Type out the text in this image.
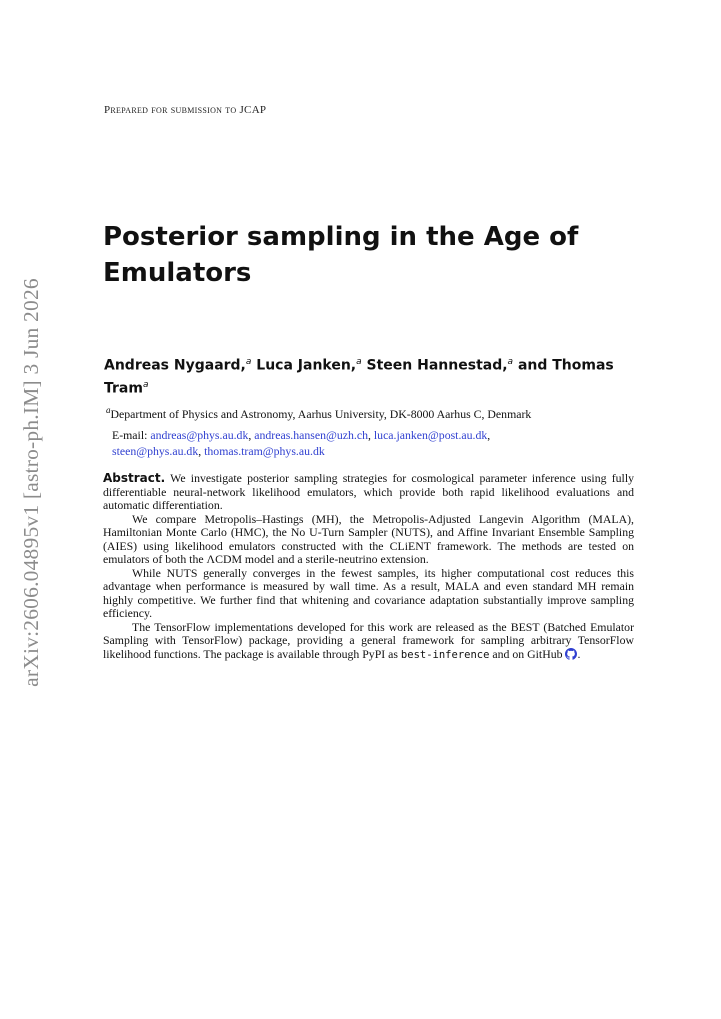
arXiv:2606.04895v1 [astro-ph.IM] 3 Jun 2026
Prepared for submission to JCAP
Posterior sampling in the Age of
Emulators

Andreas Nygaard,$^a$ Luca Janken,$^a$ Steen Hannestad,$^a$ and Thomas Tram$^a$

$^a$Department of Physics and Astronomy, Aarhus University, DK-8000 Aarhus C, Denmark
E-mail: andreas@phys.au.dk, andreas.hansen@uzh.ch, luca.janken@post.au.dk,
steen@phys.au.dk, thomas.tram@phys.au.dk

Abstract. We investigate posterior sampling strategies for cosmological parameter inference using fully differentiable neural-network likelihood emulators, which provide both rapid likelihood evaluations and automatic differentiation.

We compare Metropolis–Hastings (MH), the Metropolis-Adjusted Langevin Algorithm (MALA), Hamiltonian Monte Carlo (HMC), the No U-Turn Sampler (NUTS), and Affine Invariant Ensemble Sampling (AIES) using likelihood emulators constructed with the CLiENT framework. The methods are tested on emulators of both the ΛCDM model and a sterile-neutrino extension.

While NUTS generally converges in the fewest samples, its higher computational cost reduces this advantage when performance is measured by wall time. As a result, MALA and even standard MH remain highly competitive. We further find that whitening and covariance adaptation substantially improve sampling efficiency.

The TensorFlow implementations developed for this work are released as the BEST (Batched Emulator Sampling with TensorFlow) package, providing a general framework for sampling arbitrary TensorFlow likelihood functions. The package is available through PyPI as best-inference and on GitHub .
